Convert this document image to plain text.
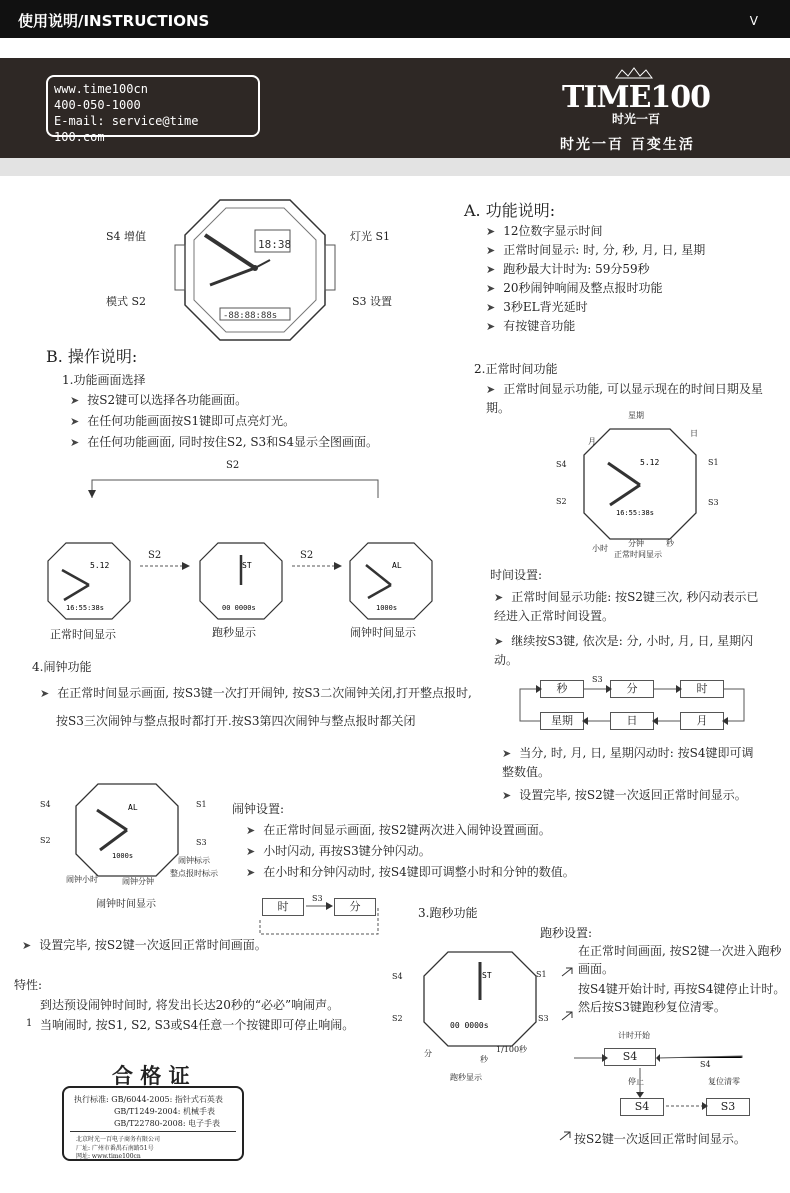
使用说明/INSTRUCTIONS	V
www.time100cn
400-050-1000
E-mail: service@time 100.com
TIME100
时光一百
时光一百 百变生活
18:38
-88:88:88s
S4 增值	灯光 S1
模式 S2	S3 设置
A. 功能说明:
➤ 12位数字显示时间
➤ 正常时间显示: 时, 分, 秒, 月, 日, 星期
➤ 跑秒最大计时为: 59分59秒
➤ 20秒闹钟响闹及整点报时功能
➤ 3秒EL背光延时
➤ 有按键音功能
B. 操作说明:
1.功能画面选择
➤ 按S2键可以选择各功能画面。
➤ 在任何功能画面按S1键即可点亮灯光。
➤ 在任何功能画面, 同时按住S2, S3和S4显示全图画面。
S2
5.12
16:55:38s
ST
00 0000s
AL
1000s
S2	S2
正常时间显示	跑秒显示	闹钟时间显示
2.正常时间功能
➤ 正常时间显示功能, 可以显示现在的时间日期及星期。
5.12
16:55:38s
星期
月
日
S4	S1
S2	S3
小时
分钟	秒
正常时间显示
时间设置:
➤ 正常时间显示功能: 按S2键三次, 秒闪动表示已经进入正常时间设置。
➤ 继续按S3键, 依次是: 分, 小时, 月, 日, 星期闪动。
S3
秒	分	时
星期	日	月
➤ 当分, 时, 月, 日, 星期闪动时: 按S4键即可调整数值。
➤ 设置完毕, 按S2键一次返回正常时间显示。
4.闹钟功能
➤ 在正常时间显示画面, 按S3键一次打开闹钟, 按S3二次闹钟关闭,打开整点报时,
按S3三次闹钟与整点报时都打开.按S3第四次闹钟与整点报时都关闭
AL
1000s
S4	S1
S2	S3
闹钟标示
整点报时标示
闹钟小时	闹钟分钟
闹钟时间显示
闹钟设置:
➤ 在正常时间显示画面, 按S2键两次进入闹钟设置画面。
➤ 小时闪动, 再按S3键分钟闪动。
➤ 在小时和分钟闪动时, 按S4键即可调整小时和分钟的数值。
S3
时	分
➤ 设置完毕, 按S2键一次返回正常时间画面。
特性:
到达预设闹钟时间时, 将发出长达20秒的“必必”响闹声。
1 当响闹时, 按S1, S2, S3或S4任意一个按键即可停止响闹。
3.跑秒功能
ST
00 0000s
S4	S1
S2	S3
分
秒
1/100秒
跑秒显示
跑秒设置:
在正常时间画面, 按S2键一次进入跑秒画面。
按S4键开始计时, 再按S4键停止计时。然后按S3键跑秒复位清零。
计时开始
S4
S4
停止	复位清零
S4	S3
按S2键一次返回正常时间显示。
合 格 证
执行标准: GB/6044-2005: 指针式石英表
GB/T1249-2004: 机械手表
GB/T22780-2008: 电子手表
北京时光一百电子商务有限公司
厂址: 广州市番禺石南路51号
网址: www.time100cn
